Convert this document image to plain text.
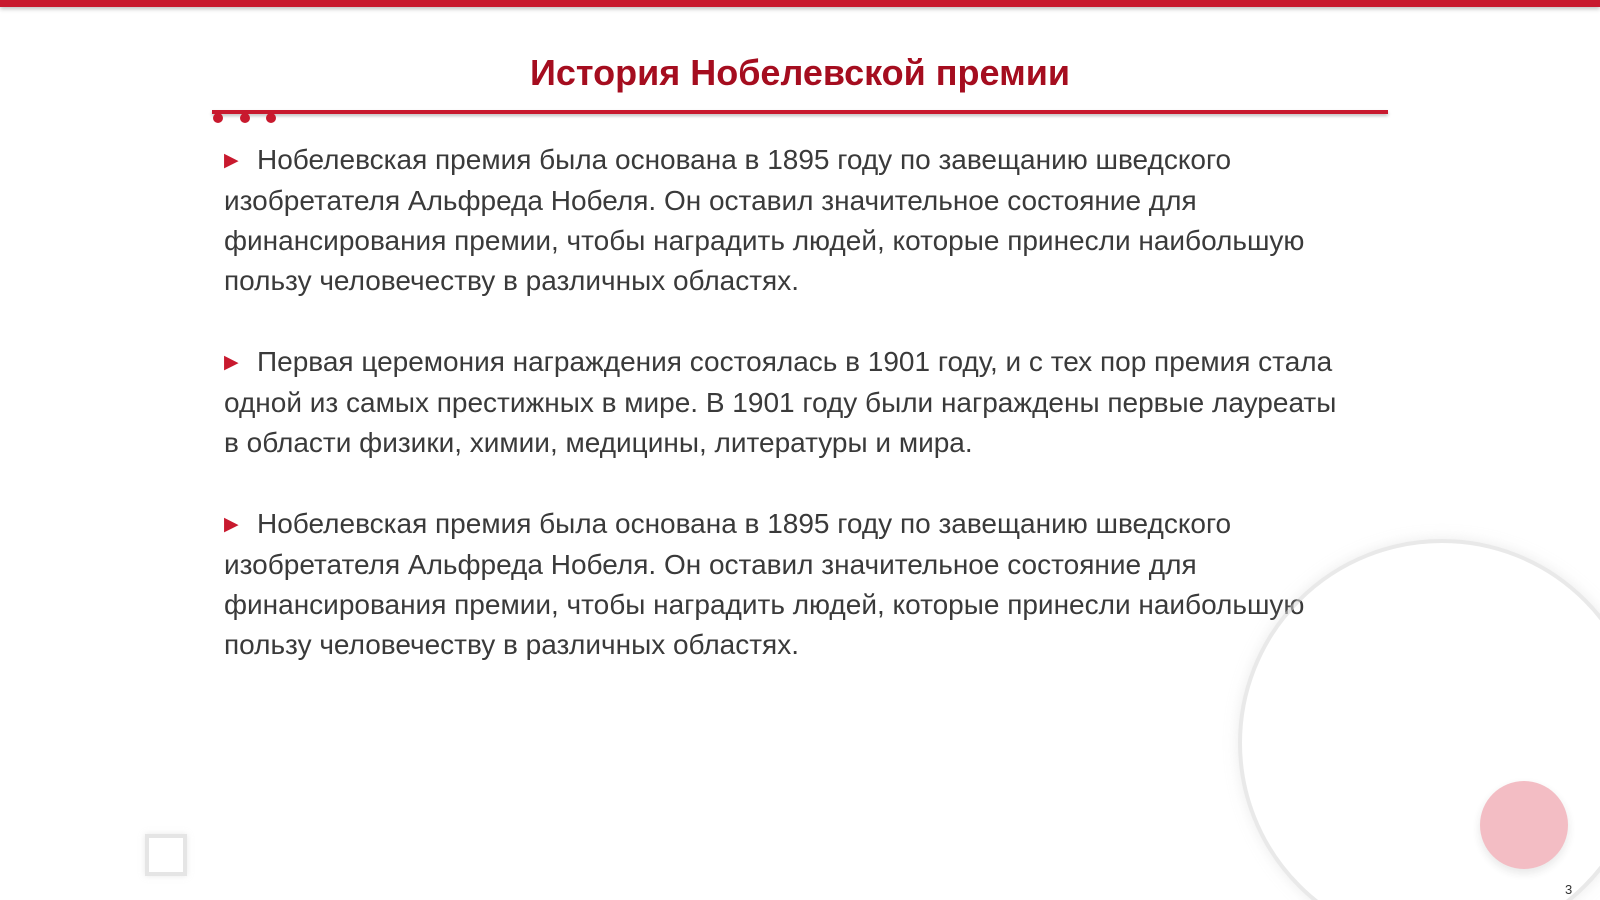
История Нобелевской премии

▶ Нобелевская премия была основана в 1895 году по завещанию шведского изобретателя Альфреда Нобеля. Он оставил значительное состояние для финансирования премии, чтобы наградить людей, которые принесли наибольшую пользу человечеству в различных областях.

▶ Первая церемония награждения состоялась в 1901 году, и с тех пор премия стала одной из самых престижных в мире. В 1901 году были награждены первые лауреаты в области физики, химии, медицины, литературы и мира.

▶ Нобелевская премия была основана в 1895 году по завещанию шведского изобретателя Альфреда Нобеля. Он оставил значительное состояние для финансирования премии, чтобы наградить людей, которые принесли наибольшую пользу человечеству в различных областях.

3
